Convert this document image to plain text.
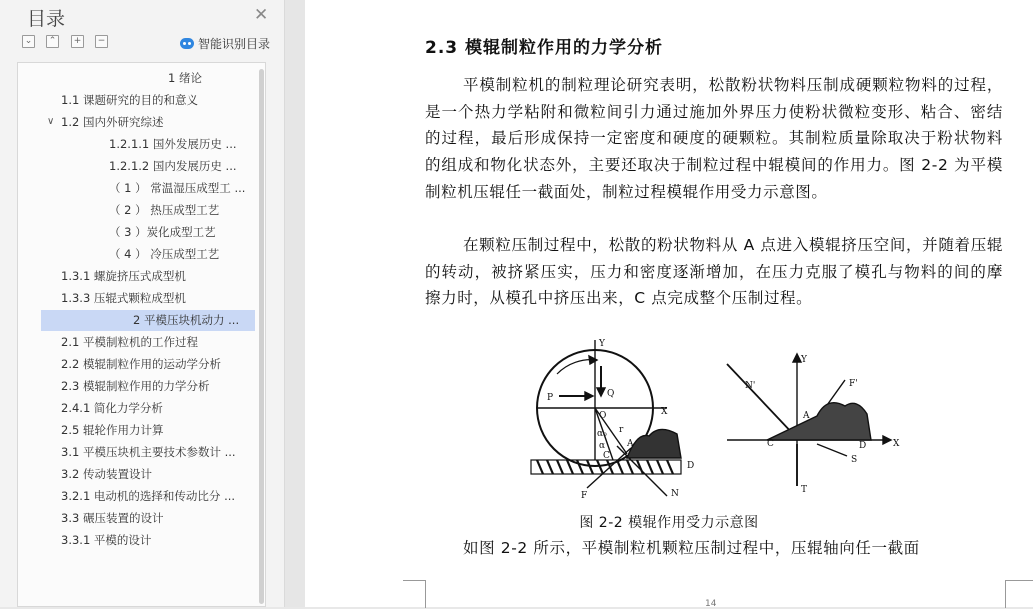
目录	✕
⌄	⌃	+	−	智能识别目录
1 绪论
1.1 课题研究的目的和意义
∨ 1.2 国内外研究综述
1.2.1.1 国外发展历史 ...
1.2.1.2 国内发展历史 ...
（ 1 ） 常温湿压成型工 ...
（ 2 ） 热压成型工艺
（ 3 ）炭化成型工艺
（ 4 ） 冷压成型工艺
1.3.1 螺旋挤压式成型机
1.3.3 压辊式颗粒成型机
2 平模压块机动力 ...
2.1 平模制粒机的工作过程
2.2 模辊制粒作用的运动学分析
2.3 模辊制粒作用的力学分析
2.4.1 简化力学分析
2.5 辊轮作用力计算
3.1 平模压块机主要技术参数计 ...
3.2 传动装置设计
3.2.1 电动机的选择和传动比分 ...
3.3 碾压装置的设计
3.3.1 平模的设计
2.3 模辊制粒作用的力学分析
平模制粒机的制粒理论研究表明，松散粉状物料压制成硬颗粒物料的过程，是一个热力学粘附和微粒间引力通过施加外界压力使粉状微粒变形、粘合、密结的过程，最后形成保持一定密度和硬度的硬颗粒。其制粒质量除取决于粉状物料的组成和物化状态外，主要还取决于制粒过程中辊模间的作用力。图 2-2 为平模制粒机压辊任一截面处，制粒过程模辊作用受力示意图。
在颗粒压制过程中，松散的粉状物料从 A 点进入模辊挤压空间，并随着压辊的转动，被挤紧压实，压力和密度逐渐增加，在压力克服了模孔与物料的间的摩擦力时，从模孔中挤压出来，C 点完成整个压制过程。
Y
P	Q
O	X
r
α₀
α A
C
D
F	N
Y
N'	F'
A
C	D	X
S
T
图 2-2 模辊作用受力示意图
如图 2-2 所示，平模制粒机颗粒压制过程中，压辊轴向任一截面
14
